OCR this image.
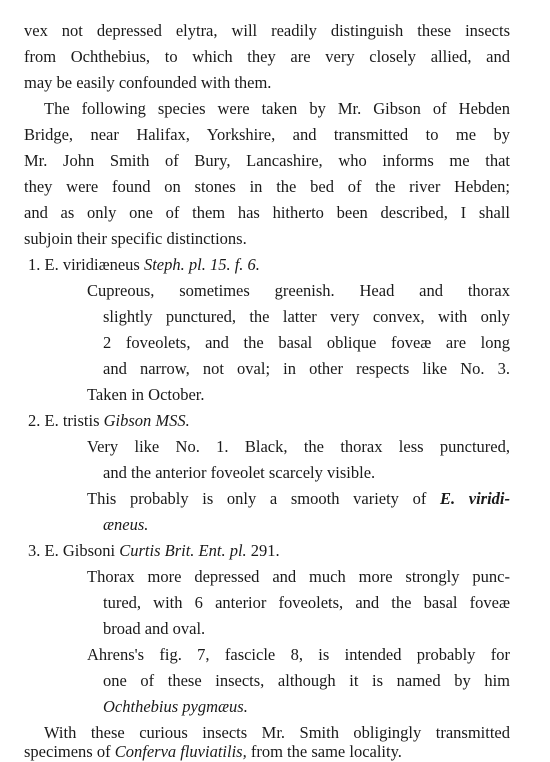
vex not depressed elytra, will readily distinguish these insects
from Ochthebius, to which they are very closely allied, and
may be easily confounded with them.
The following species were taken by Mr. Gibson of Hebden
Bridge, near Halifax, Yorkshire, and transmitted to me by
Mr. John Smith of Bury, Lancashire, who informs me that
they were found on stones in the bed of the river Hebden;
and as only one of them has hitherto been described, I shall
subjoin their specific distinctions.
1. E. viridiæneus Steph. pl. 15. f. 6.
Cupreous, sometimes greenish. Head and thorax
slightly punctured, the latter very convex, with only
2 foveolets, and the basal oblique foveæ are long
and narrow, not oval; in other respects like No. 3.
Taken in October.
2. E. tristis Gibson MSS.
Very like No. 1. Black, the thorax less punctured,
and the anterior foveolet scarcely visible.
This probably is only a smooth variety of E. viridi-
æneus.
3. E. Gibsoni Curtis Brit. Ent. pl. 291.
Thorax more depressed and much more strongly punc-
tured, with 6 anterior foveolets, and the basal foveæ
broad and oval.
Ahrens's fig. 7, fascicle 8, is intended probably for
one of these insects, although it is named by him
Ochthebius pygmæus.
With these curious insects Mr. Smith obligingly transmitted
specimens of Conferva fluviatilis, from the same locality.
